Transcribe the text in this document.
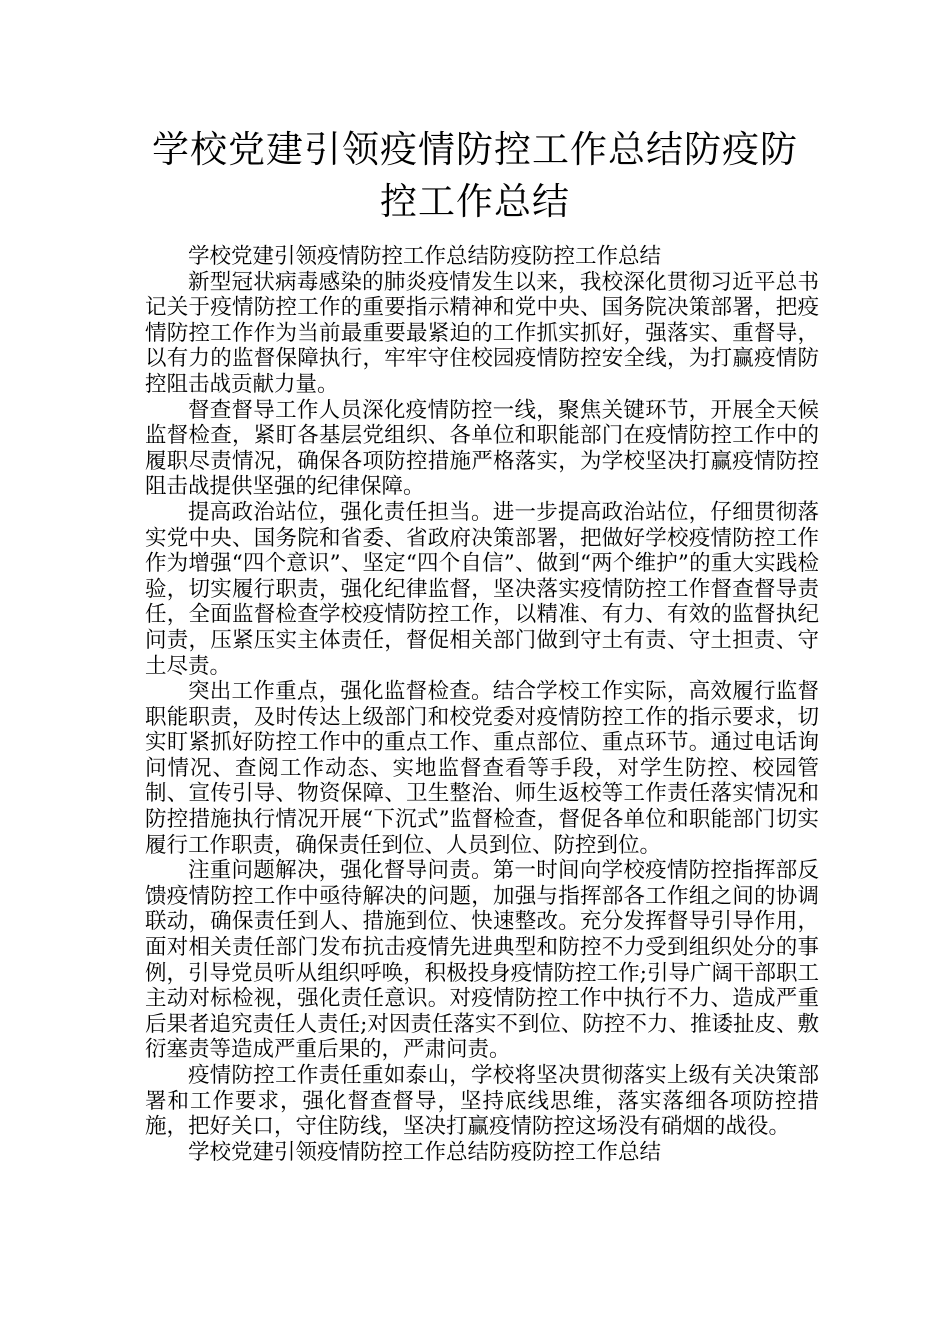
学校党建引领疫情防控工作总结防疫防控工作总结

学校党建引领疫情防控工作总结防疫防控工作总结

新型冠状病毒感染的肺炎疫情发生以来，我校深化贯彻习近平总书记关于疫情防控工作的重要指示精神和党中央、国务院决策部署，把疫情防控工作作为当前最重要最紧迫的工作抓实抓好，强落实、重督导，以有力的监督保障执行，牢牢守住校园疫情防控安全线，为打赢疫情防控阻击战贡献力量。

督查督导工作人员深化疫情防控一线，聚焦关键环节，开展全天候监督检查，紧盯各基层党组织、各单位和职能部门在疫情防控工作中的履职尽责情况，确保各项防控措施严格落实，为学校坚决打赢疫情防控阻击战提供坚强的纪律保障。

提高政治站位，强化责任担当。进一步提高政治站位，仔细贯彻落实党中央、国务院和省委、省政府决策部署，把做好学校疫情防控工作作为增强“四个意识”、坚定“四个自信”、做到“两个维护”的重大实践检验，切实履行职责，强化纪律监督，坚决落实疫情防控工作督查督导责任，全面监督检查学校疫情防控工作，以精准、有力、有效的监督执纪问责，压紧压实主体责任，督促相关部门做到守土有责、守土担责、守土尽责。

突出工作重点，强化监督检查。结合学校工作实际，高效履行监督职能职责，及时传达上级部门和校党委对疫情防控工作的指示要求，切实盯紧抓好防控工作中的重点工作、重点部位、重点环节。通过电话询问情况、查阅工作动态、实地监督查看等手段，对学生防控、校园管制、宣传引导、物资保障、卫生整治、师生返校等工作责任落实情况和防控措施执行情况开展“下沉式”监督检查，督促各单位和职能部门切实履行工作职责，确保责任到位、人员到位、防控到位。

注重问题解决，强化督导问责。第一时间向学校疫情防控指挥部反馈疫情防控工作中亟待解决的问题，加强与指挥部各工作组之间的协调联动，确保责任到人、措施到位、快速整改。充分发挥督导引导作用，面对相关责任部门发布抗击疫情先进典型和防控不力受到组织处分的事例，引导党员听从组织呼唤，积极投身疫情防控工作;引导广阔干部职工主动对标检视，强化责任意识。对疫情防控工作中执行不力、造成严重后果者追究责任人责任;对因责任落实不到位、防控不力、推诿扯皮、敷衍塞责等造成严重后果的，严肃问责。

疫情防控工作责任重如泰山，学校将坚决贯彻落实上级有关决策部署和工作要求，强化督查督导，坚持底线思维，落实落细各项防控措施，把好关口，守住防线，坚决打赢疫情防控这场没有硝烟的战役。

学校党建引领疫情防控工作总结防疫防控工作总结
